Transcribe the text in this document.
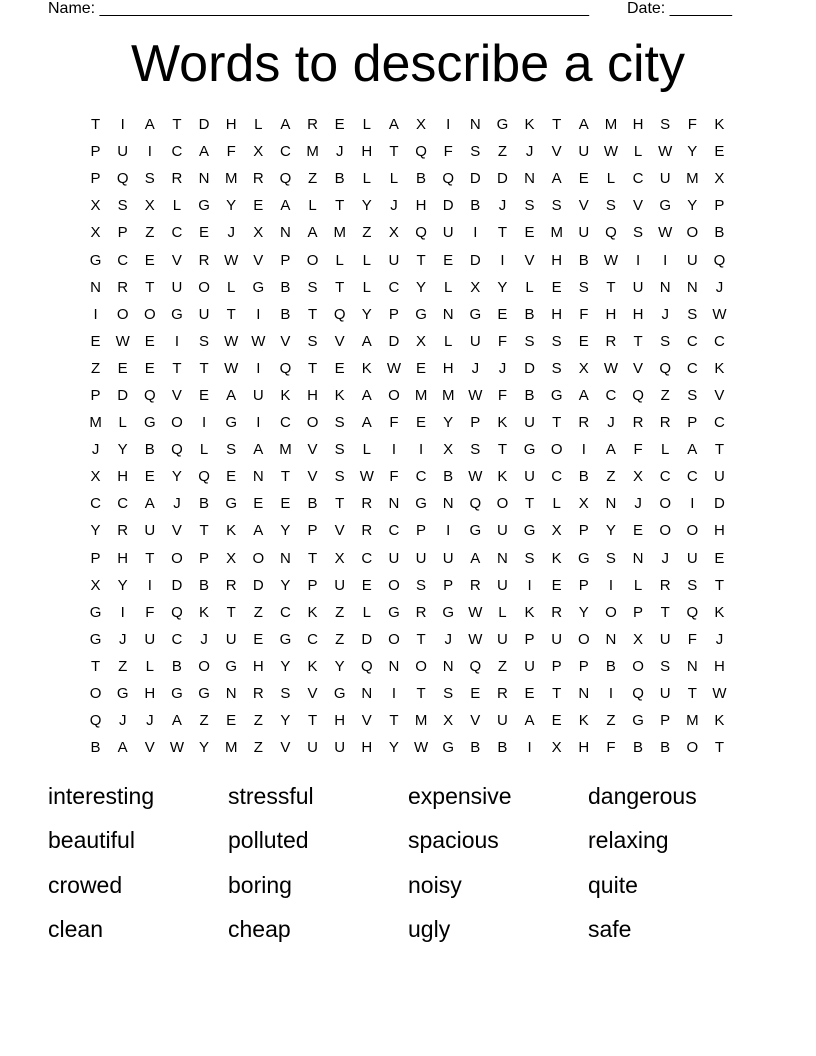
Name: _______________________________________________________ Date: _______
Words to describe a city
T	I	A	T	D	H	L	A	R	E	L	A	X	I	N	G	K	T	A	M	H	S	F	K
P	U	I	C	A	F	X	C	M	J	H	T	Q	F	S	Z	J	V	U W	L	W	Y	E
P	Q	S	R	N	M	R	Q	Z	B	L	L	B	Q	D	D	N	A	E	L	C	U	M	X
X	S	X	L	G	Y	E	A	L	T	Y	J	H	D	B	J	S	S	V	S	V	G	Y	P
X	P	Z	C	E	J	X	N	A	M	Z	X	Q	U	I	T	E	M	U	Q	S	W O	B
G	C	E	V	R W	V	P	O	L	L	U	T	E	D	I	V	H	B	W	I	I	U	Q
N	R	T	U	O	L	G	B	S	T	L	C	Y	L	X	Y	L	E	S	T	U	N	N	J
I	O	O	G	U	T	I	B	T	Q	Y	P	G	N	G	E	B	H	F	H	H	J	S	W
E	W	E	I	S	W W	V	S	V	A	D	X	L	U	F	S	S	E	R	T	S	C	C
Z	E	E	T	T	W	I	Q	T	E	K	W	E	H	J	J	D	S	X	W	V	Q	C	K
P	D	Q	V	E	A	U	K	H	K	A	O	M M W	F	B	G	A	C	Q	Z	S	V
M	L	G	O	I	G	I	C	O	S	A	F	E	Y	P	K	U	T	R	J	R	R	P	C
J	Y	B	Q	L	S	A	M	V	S	L	I	I	X	S	T	G	O	I	A	F	L	A	T
X	H	E	Y	Q	E	N	T	V	S	W	F	C	B	W	K	U	C	B	Z	X	C	C	U
C	C	A	J	B	G	E	E	B	T	R	N	G	N	Q	O	T	L	X	N	J	O	I	D
Y	R	U	V	T	K	A	Y	P	V	R	C	P	I	G	U	G	X	P	Y	E	O	O	H
P	H	T	O	P	X	O	N	T	X	C	U	U	U	A	N	S	K	G	S	N	J	U	E
X	Y	I	D	B	R	D	Y	P	U	E	O	S	P	R	U	I	E	P	I	L	R	S	T
G	I	F	Q	K	T	Z	C	K	Z	L	G	R	G W	L	K	R	Y	O	P	T	Q	K
G	J	U	C	J	U	E	G	C	Z	D	O	T	J	W U	P	U	O	N	X	U	F	J
T	Z	L	B	O	G	H	Y	K	Y	Q	N	O	N	Q	Z	U	P	P	B	O	S	N	H
O	G	H	G	G	N	R	S	V	G	N	I	T	S	E	R	E	T	N	I	Q	U	T	W
Q	J	J	A	Z	E	Z	Y	T	H	V	T	M	X	V	U	A	E	K	Z	G	P	M	K
B	A	V	W	Y	M	Z	V	U	U	H	Y	W G	B	B	I	X	H	F	B	B	O	T
interesting	stressful	expensive	dangerous
beautiful	polluted	spacious	relaxing
crowed	boring	noisy	quite
clean	cheap	ugly	safe
